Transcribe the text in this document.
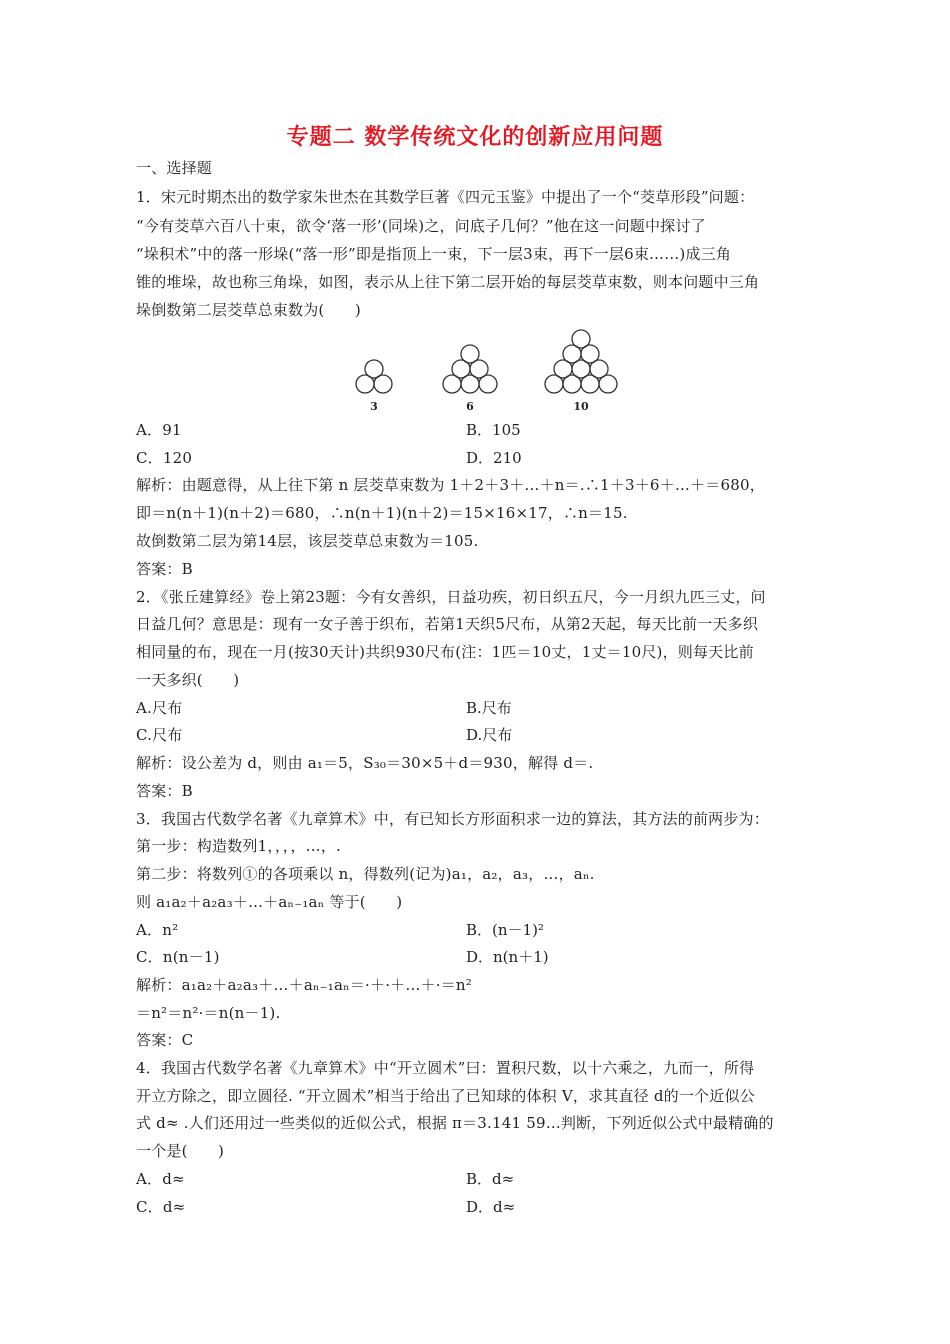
专题二 数学传统文化的创新应用问题
一、选择题
1．宋元时期杰出的数学家朱世杰在其数学巨著《四元玉鉴》中提出了一个“茭草形段”问题：
“今有茭草六百八十束，欲令‘落一形’(同垛)之，问底子几何？”他在这一问题中探讨了
“垛积术”中的落一形垛(“落一形”即是指顶上一束，下一层3束，再下一层6束……)成三角
锥的堆垛，故也称三角垛，如图，表示从上往下第二层开始的每层茭草束数，则本问题中三角
垛倒数第二层茭草总束数为(　　)
3	6	10
A．91	B．105
C．120	D．210
解析：由题意得，从上往下第 n 层茭草束数为 1＋2＋3＋…＋n＝.∴1＋3＋6＋…＋＝680，
即＝n(n＋1)(n＋2)＝680，∴n(n＋1)(n＋2)＝15×16×17，∴n＝15.
故倒数第二层为第14层，该层茭草总束数为＝105.
答案：B
2．《张丘建算经》卷上第23题：今有女善织，日益功疾，初日织五尺，今一月织九匹三丈，问
日益几何？意思是：现有一女子善于织布，若第1天织5尺布，从第2天起，每天比前一天多织
相同量的布，现在一月(按30天计)共织930尺布(注：1匹＝10丈，1丈＝10尺)，则每天比前
一天多织(　　)
A.尺布	B.尺布
C.尺布	D.尺布
解析：设公差为 d，则由 a₁＝5，S₃₀＝30×5＋d＝930，解得 d＝.
答案：B
3．我国古代数学名著《九章算术》中，有已知长方形面积求一边的算法，其方法的前两步为：
第一步：构造数列1，，，，…，.
第二步：将数列①的各项乘以 n，得数列(记为)a₁，a₂，a₃，…，aₙ.
则 a₁a₂＋a₂a₃＋…＋aₙ₋₁aₙ 等于(　　)
A．n²	B．(n－1)²
C．n(n－1)	D．n(n＋1)
解析：a₁a₂＋a₂a₃＋…＋aₙ₋₁aₙ＝·＋·＋…＋·＝n²
＝n²＝n²·＝n(n－1).
答案：C
4．我国古代数学名著《九章算术》中“开立圆术”曰：置积尺数，以十六乘之，九而一，所得
开立方除之，即立圆径. “开立圆术”相当于给出了已知球的体积 V，求其直径 d的一个近似公
式 d≈ .人们还用过一些类似的近似公式，根据 π＝3.141 59…判断，下列近似公式中最精确的
一个是(　　)
A．d≈	B．d≈
C．d≈	D．d≈
